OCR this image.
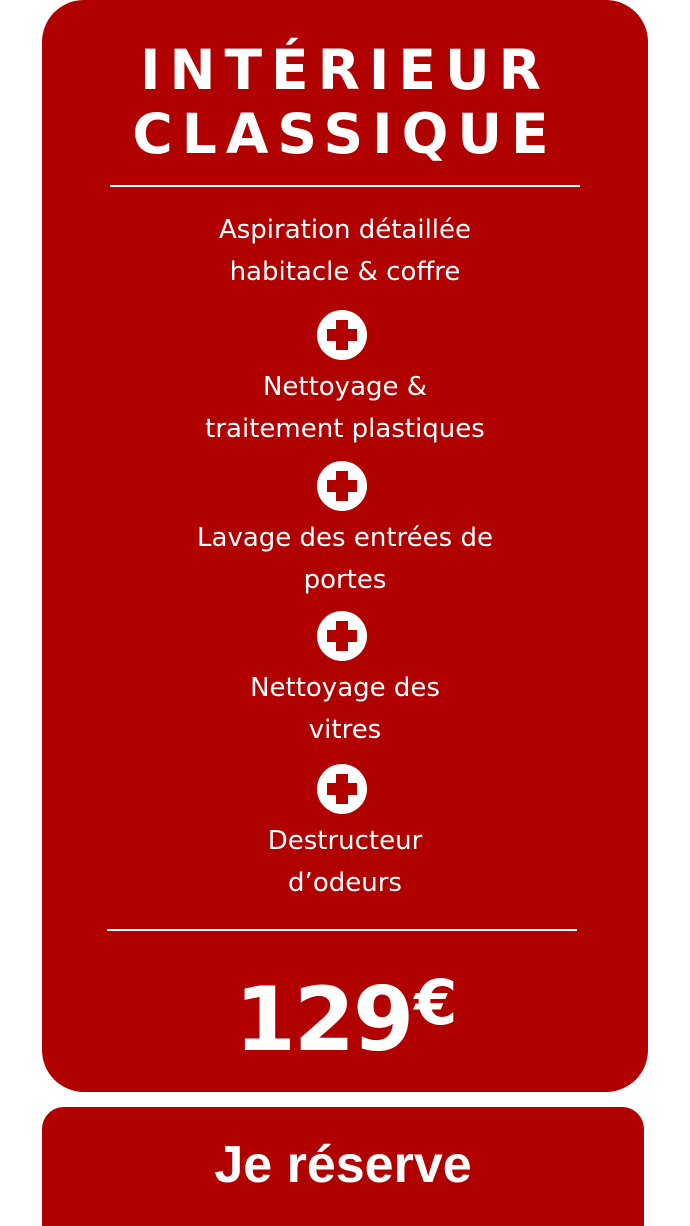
INTÉRIEUR
CLASSIQUE
Aspiration détaillée
habitacle & coffre
Nettoyage &
traitement plastiques
Lavage des entrées de
portes
Nettoyage des
vitres
Destructeur
d’odeurs
129€
Je réserve
